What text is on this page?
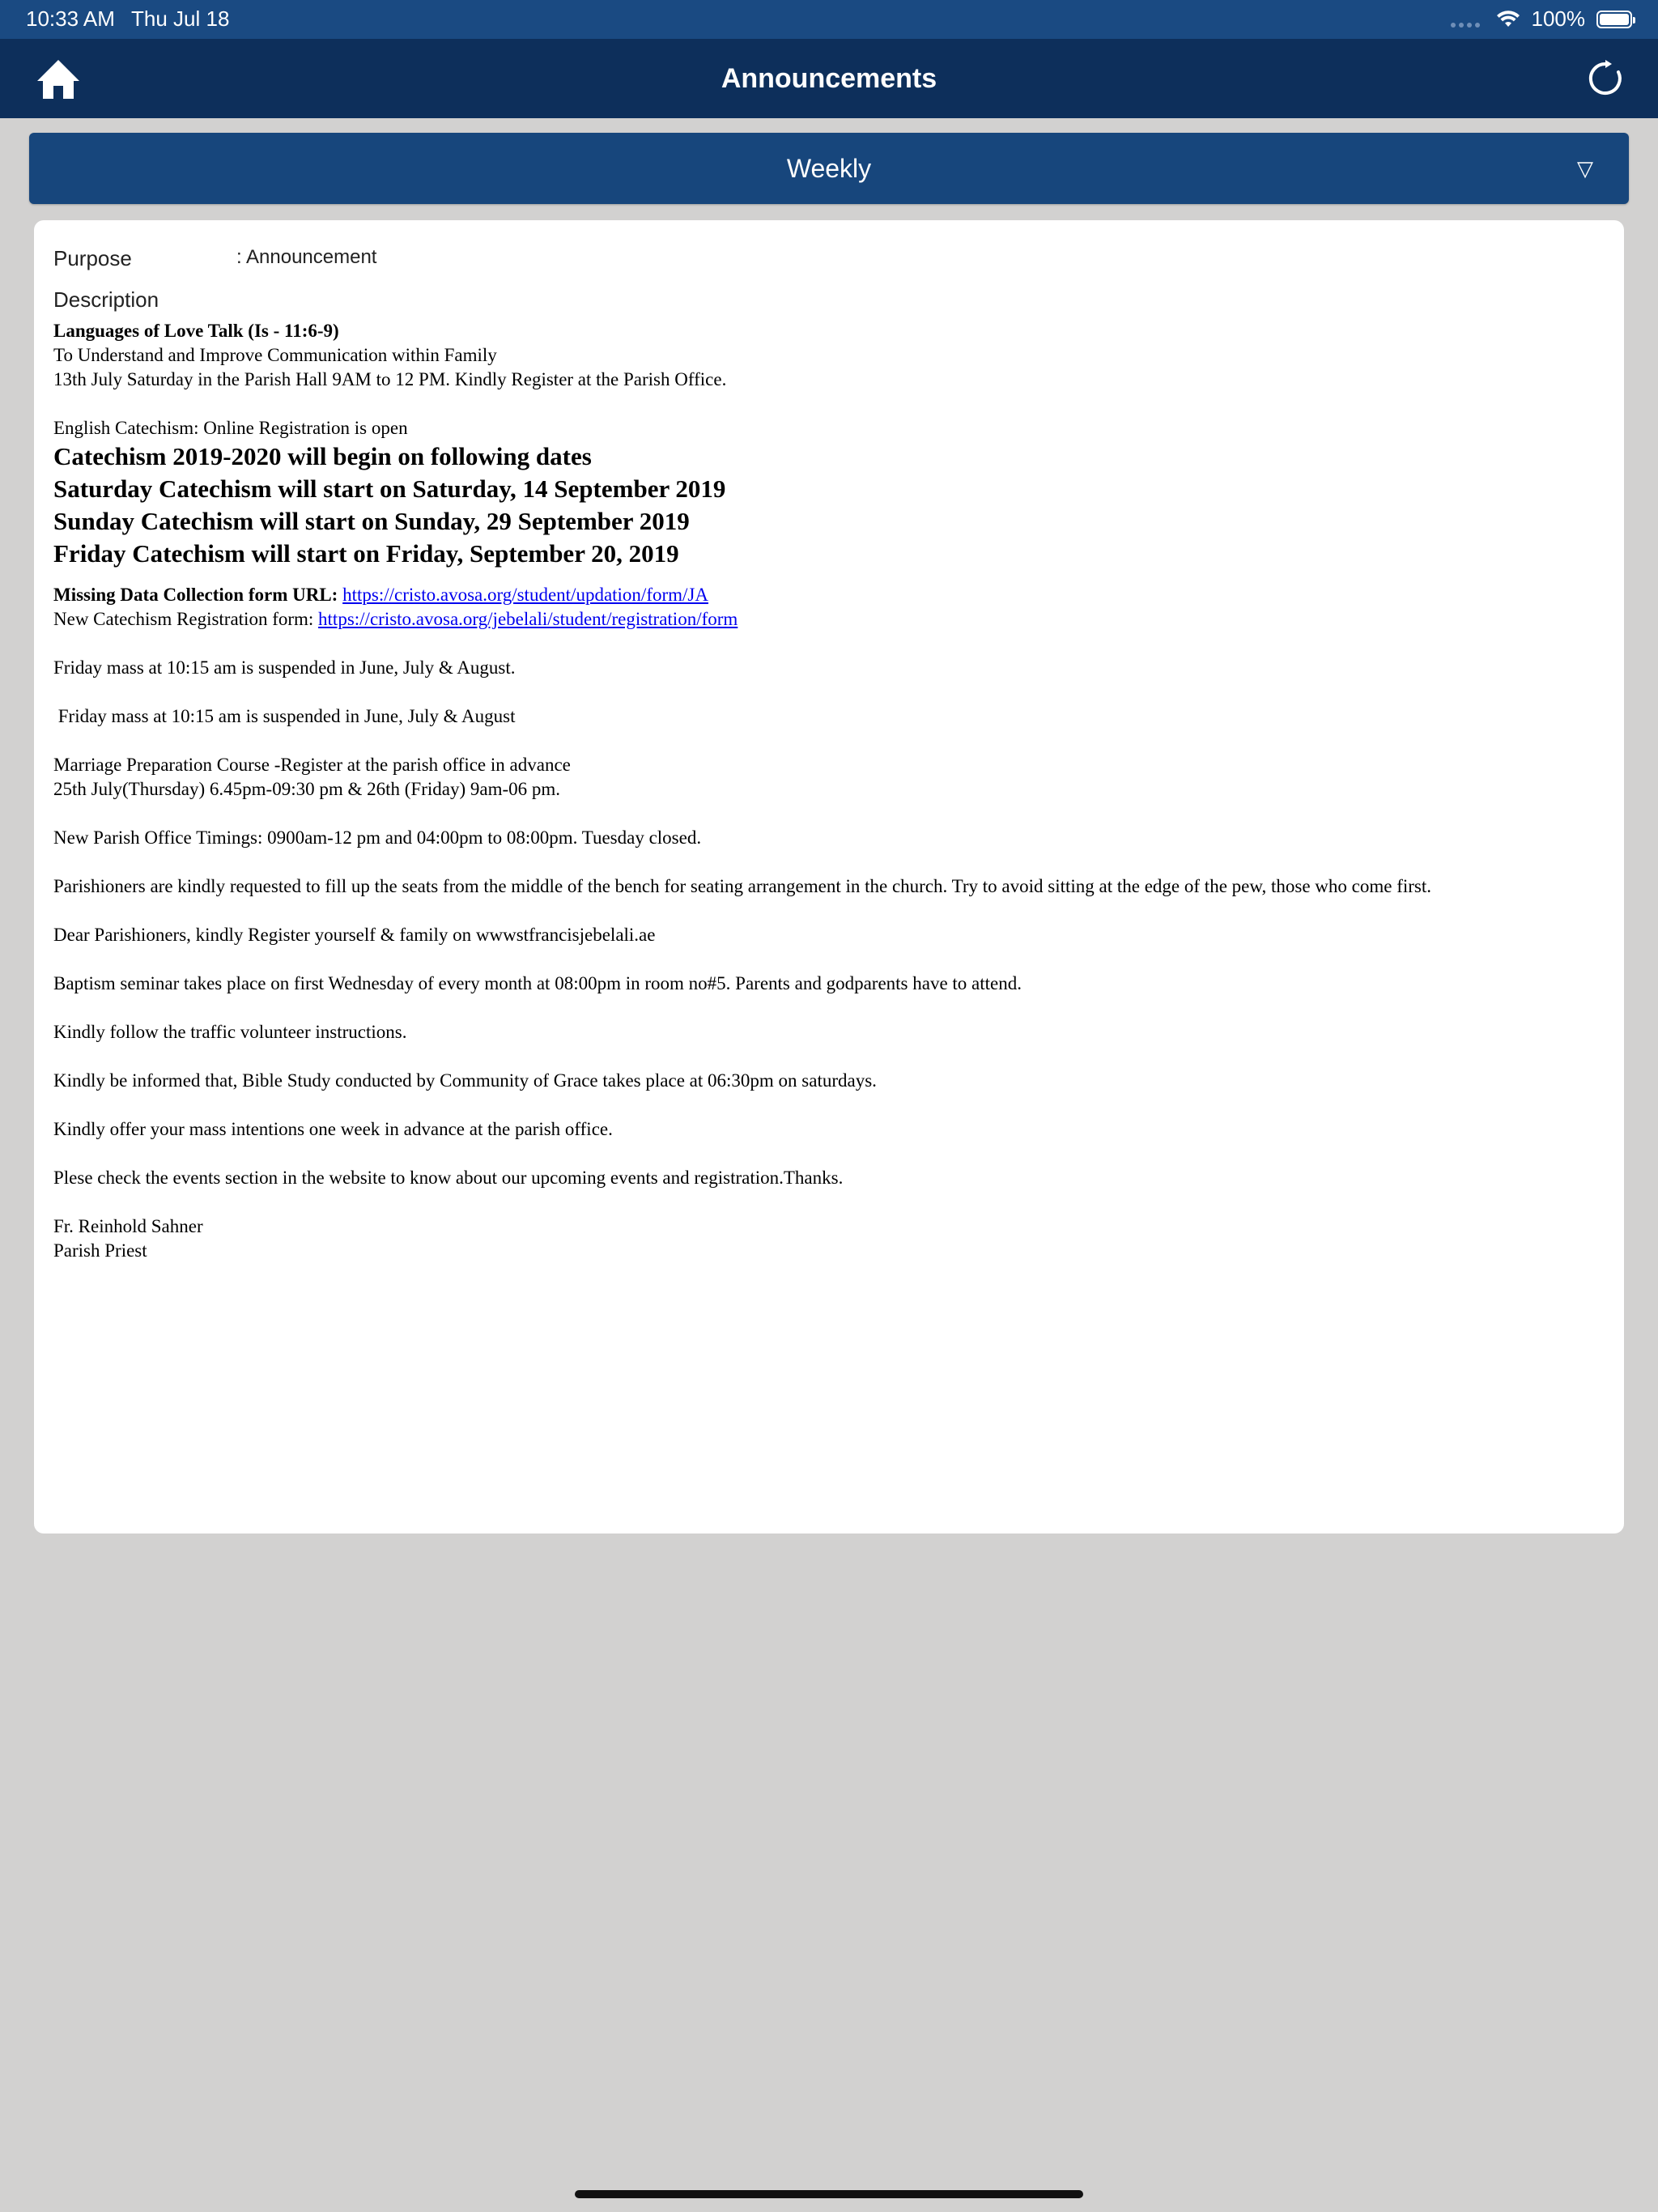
10:33 AM Thu Jul 18	100%
Announcements
Weekly	▽
Purpose	: Announcement
Description

Languages of Love Talk (Is - 11:6-9)

To Understand and Improve Communication within Family

13th July Saturday in the Parish Hall 9AM to 12 PM. Kindly Register at the Parish Office.

English Catechism: Online Registration is open

Catechism 2019-2020 will begin on following dates

Saturday Catechism will start on Saturday, 14 September 2019

Sunday Catechism will start on Sunday, 29 September 2019

Friday Catechism will start on Friday, September 20, 2019

Missing Data Collection form URL: https://cristo.avosa.org/student/updation/form/JA

New Catechism Registration form: https://cristo.avosa.org/jebelali/student/registration/form

Friday mass at 10:15 am is suspended in June, July & August.

Friday mass at 10:15 am is suspended in June, July & August

Marriage Preparation Course -Register at the parish office in advance

25th July(Thursday) 6.45pm-09:30 pm & 26th (Friday) 9am-06 pm.

New Parish Office Timings: 0900am-12 pm and 04:00pm to 08:00pm. Tuesday closed.

Parishioners are kindly requested to fill up the seats from the middle of the bench for seating arrangement in the church. Try to avoid sitting at the edge of the pew, those who come first.

Dear Parishioners, kindly Register yourself & family on wwwstfrancisjebelali.ae

Baptism seminar takes place on first Wednesday of every month at 08:00pm in room no#5. Parents and godparents have to attend.

Kindly follow the traffic volunteer instructions.

Kindly be informed that, Bible Study conducted by Community of Grace takes place at 06:30pm on saturdays.

Kindly offer your mass intentions one week in advance at the parish office.

Plese check the events section in the website to know about our upcoming events and registration.Thanks.

Fr. Reinhold Sahner

Parish Priest
